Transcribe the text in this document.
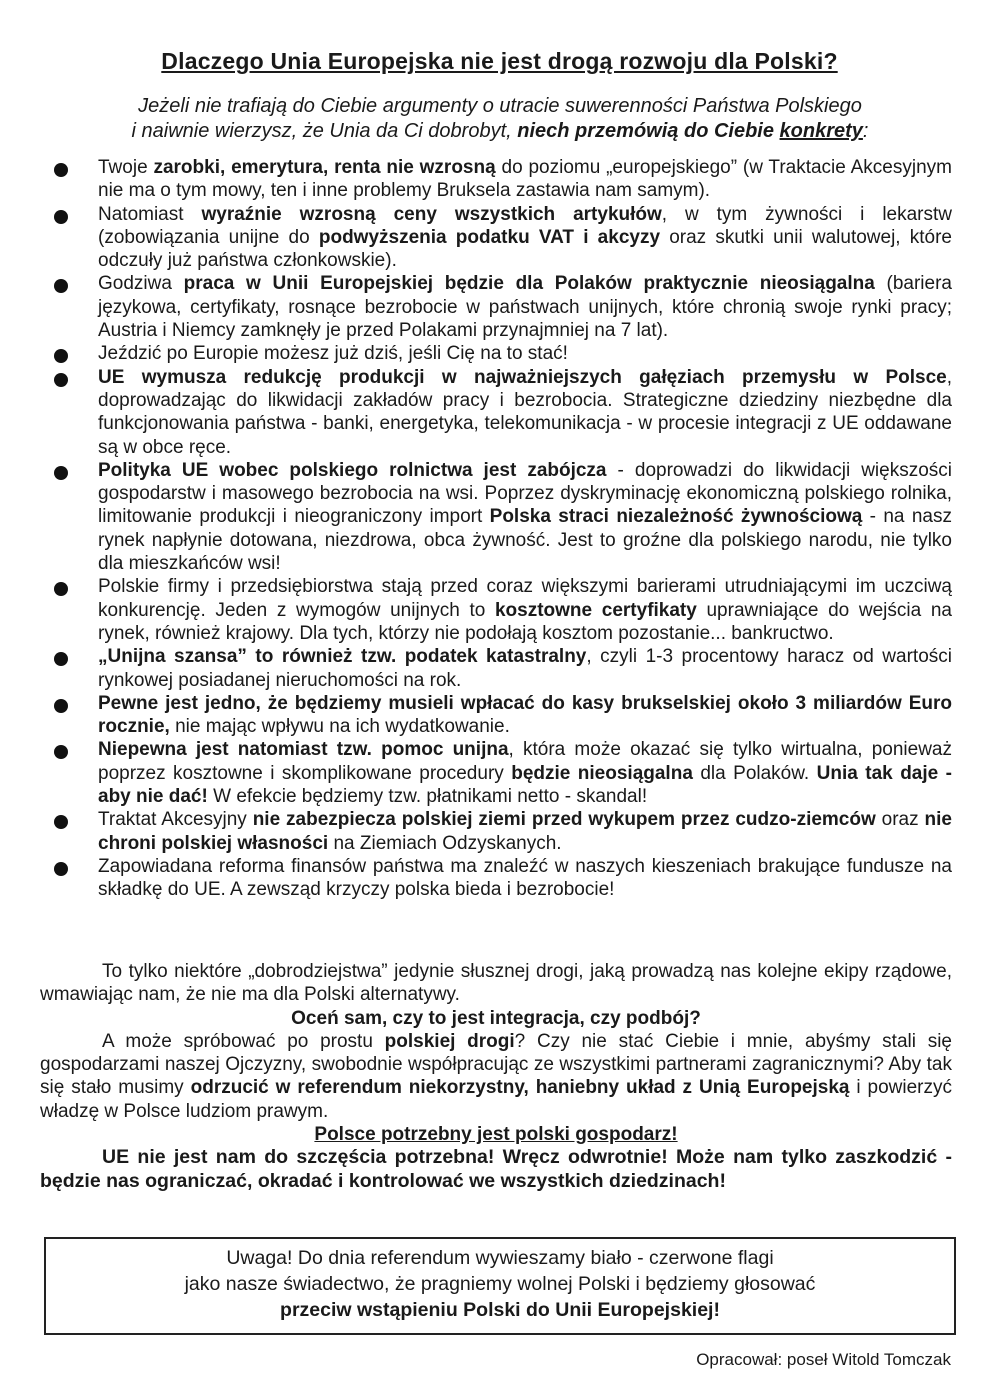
Dlaczego Unia Europejska nie jest drogą rozwoju dla Polski?
Jeżeli nie trafiają do Ciebie argumenty o utracie suwerenności Państwa Polskiego
i naiwnie wierzysz, że Unia da Ci dobrobyt, niech przemówią do Ciebie konkrety:
Twoje zarobki, emerytura, renta nie wzrosną do poziomu „europejskiego” (w Traktacie Akcesyjnym nie ma o tym mowy, ten i inne problemy Bruksela zastawia nam samym).
Natomiast wyraźnie wzrosną ceny wszystkich artykułów, w tym żywności i lekarstw (zobowiązania unijne do podwyższenia podatku VAT i akcyzy oraz skutki unii walutowej, które odczuły już państwa członkowskie).
Godziwa praca w Unii Europejskiej będzie dla Polaków praktycznie nieosiągalna (bariera językowa, certyfikaty, rosnące bezrobocie w państwach unijnych, które chronią swoje rynki pracy; Austria i Niemcy zamknęły je przed Polakami przynajmniej na 7 lat).
Jeździć po Europie możesz już dziś, jeśli Cię na to stać!
UE wymusza redukcję produkcji w najważniejszych gałęziach przemysłu w Polsce, doprowadzając do likwidacji zakładów pracy i bezrobocia. Strategiczne dziedziny niezbędne dla funkcjonowania państwa - banki, energetyka, telekomunikacja - w procesie integracji z UE oddawane są w obce ręce.
Polityka UE wobec polskiego rolnictwa jest zabójcza - doprowadzi do likwidacji większości gospodarstw i masowego bezrobocia na wsi. Poprzez dyskryminację ekonomiczną polskiego rolnika, limitowanie produkcji i nieograniczony import Polska straci niezależność żywnościową - na nasz rynek napłynie dotowana, niezdrowa, obca żywność. Jest to groźne dla polskiego narodu, nie tylko dla mieszkańców wsi!
Polskie firmy i przedsiębiorstwa stają przed coraz większymi barierami utrudniającymi im uczciwą konkurencję. Jeden z wymogów unijnych to kosztowne certyfikaty uprawniające do wejścia na rynek, również krajowy. Dla tych, którzy nie podołają kosztom pozostanie... bankructwo.
„Unijna szansa” to również tzw. podatek katastralny, czyli 1-3 procentowy haracz od wartości rynkowej posiadanej nieruchomości na rok.
Pewne jest jedno, że będziemy musieli wpłacać do kasy brukselskiej około 3 miliardów Euro rocznie, nie mając wpływu na ich wydatkowanie.
Niepewna jest natomiast tzw. pomoc unijna, która może okazać się tylko wirtualna, ponieważ poprzez kosztowne i skomplikowane procedury będzie nieosiągalna dla Polaków. Unia tak daje - aby nie dać! W efekcie będziemy tzw. płatnikami netto - skandal!
Traktat Akcesyjny nie zabezpiecza polskiej ziemi przed wykupem przez cudzo-ziemców oraz nie chroni polskiej własności na Ziemiach Odzyskanych.
Zapowiadana reforma finansów państwa ma znaleźć w naszych kieszeniach brakujące fundusze na składkę do UE. A zewsząd krzyczy polska bieda i bezrobocie!
To tylko niektóre „dobrodziejstwa” jedynie słusznej drogi, jaką prowadzą nas kolejne ekipy rządowe, wmawiając nam, że nie ma dla Polski alternatywy.
Oceń sam, czy to jest integracja, czy podbój?
A może spróbować po prostu polskiej drogi? Czy nie stać Ciebie i mnie, abyśmy stali się gospodarzami naszej Ojczyzny, swobodnie współpracując ze wszystkimi partnerami zagranicznymi? Aby tak się stało musimy odrzucić w referendum niekorzystny, haniebny układ z Unią Europejską i powierzyć władzę w Polsce ludziom prawym.
Polsce potrzebny jest polski gospodarz!
UE nie jest nam do szczęścia potrzebna! Wręcz odwrotnie! Może nam tylko zaszkodzić - będzie nas ograniczać, okradać i kontrolować we wszystkich dziedzinach!
Uwaga! Do dnia referendum wywieszamy biało - czerwone flagi
jako nasze świadectwo, że pragniemy wolnej Polski i będziemy głosować
przeciw wstąpieniu Polski do Unii Europejskiej!
Opracował: poseł Witold Tomczak
